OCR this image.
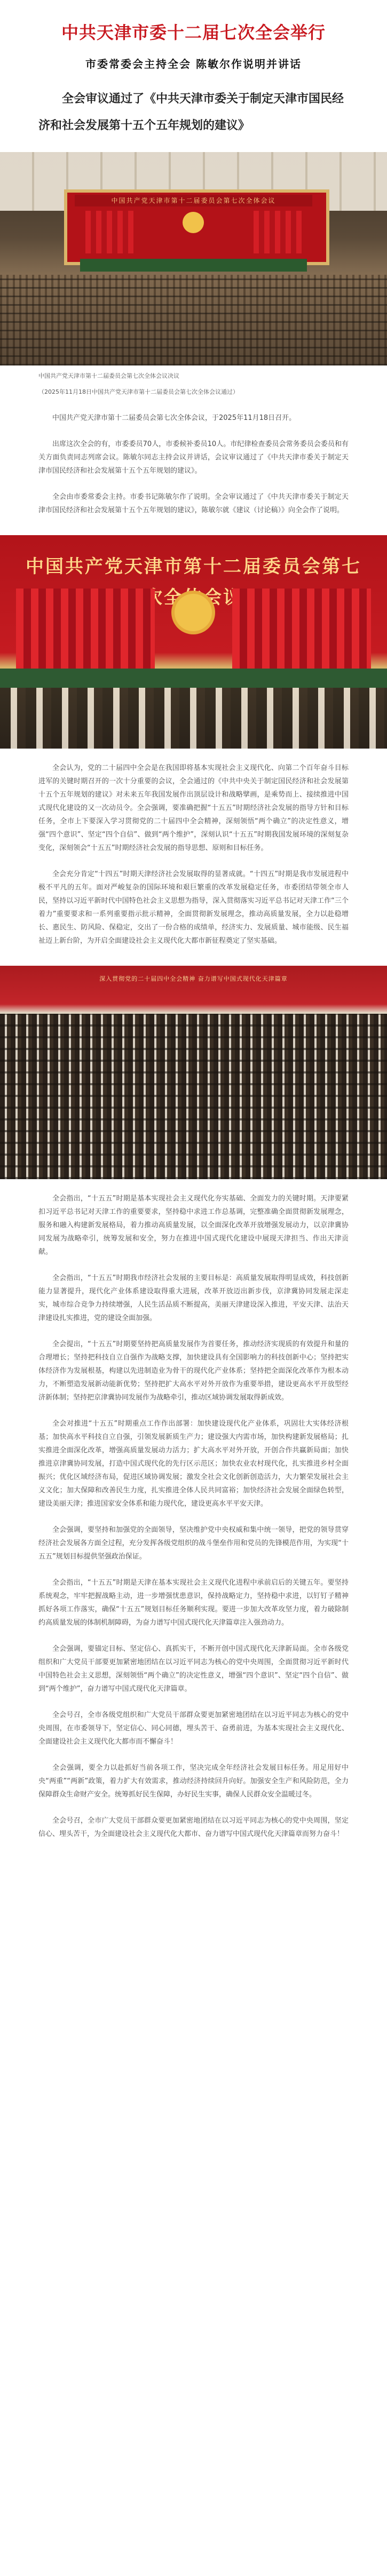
中共天津市委十二届七次全会举行

市委常委会主持全会 陈敏尔作说明并讲话

全会审议通过了《中共天津市委关于制定天津市国民经济和社会发展第十五个五年规划的建议》
中国共产党天津市第十二届委员会第七次全体会议
中国共产党天津市第十二届委员会第七次全体会议决议
（2025年11月18日中国共产党天津市第十二届委员会第七次全体会议通过）

中国共产党天津市第十二届委员会第七次全体会议，于2025年11月18日召开。

出席这次全会的有，市委委员70人，市委候补委员10人。市纪律检查委员会常务委员会委员和有关方面负责同志列席会议。陈敏尔同志主持会议并讲话，会议审议通过了《中共天津市委关于制定天津市国民经济和社会发展第十五个五年规划的建议》。

全会由市委常委会主持。市委书记陈敏尔作了说明。全会审议通过了《中共天津市委关于制定天津市国民经济和社会发展第十五个五年规划的建议》，陈敏尔就《建议（讨论稿）》向全会作了说明。

中国共产党天津市第十二届委员会第七次全体会议

全会认为，党的二十届四中全会是在我国即将基本实现社会主义现代化、向第二个百年奋斗目标进军的关键时期召开的一次十分重要的会议，全会通过的《中共中央关于制定国民经济和社会发展第十五个五年规划的建议》对未来五年我国发展作出顶层设计和战略擘画，是乘势而上、接续推进中国式现代化建设的又一次动员令。全会强调，要准确把握“十五五”时期经济社会发展的指导方针和目标任务，全市上下要深入学习贯彻党的二十届四中全会精神，深刻领悟“两个确立”的决定性意义，增强“四个意识”、坚定“四个自信”、做到“两个维护”，深刻认识“十五五”时期我国发展环境的深刻复杂变化，深刻领会“十五五”时期经济社会发展的指导思想、原则和目标任务。

全会充分肯定“十四五”时期天津经济社会发展取得的显著成就。“十四五”时期是我市发展进程中极不平凡的五年。面对严峻复杂的国际环境和艰巨繁重的改革发展稳定任务，市委团结带领全市人民，坚持以习近平新时代中国特色社会主义思想为指导，深入贯彻落实习近平总书记对天津工作“三个着力”重要要求和一系列重要指示批示精神，全面贯彻新发展理念，推动高质量发展，全力以赴稳增长、惠民生、防风险、保稳定，交出了一份合格的成绩单，经济实力、发展质量、城市能级、民生福祉迈上新台阶，为开启全面建设社会主义现代化大都市新征程奠定了坚实基础。

深入贯彻党的二十届四中全会精神 奋力谱写中国式现代化天津篇章

全会指出，“十五五”时期是基本实现社会主义现代化夯实基础、全面发力的关键时期。天津要紧扣习近平总书记对天津工作的重要要求，坚持稳中求进工作总基调，完整准确全面贯彻新发展理念，服务和融入构建新发展格局，着力推动高质量发展，以全面深化改革开放增强发展动力，以京津冀协同发展为战略牵引，统筹发展和安全，努力在推进中国式现代化建设中展现天津担当、作出天津贡献。

全会指出，“十五五”时期我市经济社会发展的主要目标是：高质量发展取得明显成效，科技创新能力显著提升，现代化产业体系建设取得重大进展，改革开放迈出新步伐，京津冀协同发展走深走实，城市综合竞争力持续增强，人民生活品质不断提高，美丽天津建设深入推进，平安天津、法治天津建设扎实推进，党的建设全面加强。

全会提出，“十五五”时期要坚持把高质量发展作为首要任务，推动经济实现质的有效提升和量的合理增长；坚持把科技自立自强作为战略支撑，加快建设具有全国影响力的科技创新中心；坚持把实体经济作为发展根基，构建以先进制造业为骨干的现代化产业体系；坚持把全面深化改革作为根本动力，不断塑造发展新动能新优势；坚持把扩大高水平对外开放作为重要举措，建设更高水平开放型经济新体制；坚持把京津冀协同发展作为战略牵引，推动区域协调发展取得新成效。

全会对推进“十五五”时期重点工作作出部署：加快建设现代化产业体系，巩固壮大实体经济根基；加快高水平科技自立自强，引领发展新质生产力；建设强大内需市场，加快构建新发展格局；扎实推进全面深化改革，增强高质量发展动力活力；扩大高水平对外开放，开创合作共赢新局面；加快推进京津冀协同发展，打造中国式现代化的先行区示范区；加快农业农村现代化，扎实推进乡村全面振兴；优化区域经济布局，促进区域协调发展；激发全社会文化创新创造活力，大力繁荣发展社会主义文化；加大保障和改善民生力度，扎实推进全体人民共同富裕；加快经济社会发展全面绿色转型，建设美丽天津；推进国家安全体系和能力现代化，建设更高水平平安天津。

全会强调，要坚持和加强党的全面领导，坚决维护党中央权威和集中统一领导，把党的领导贯穿经济社会发展各方面全过程，充分发挥各级党组织的战斗堡垒作用和党员的先锋模范作用，为实现“十五五”规划目标提供坚强政治保证。

全会指出，“十五五”时期是天津在基本实现社会主义现代化进程中承前启后的关键五年。要坚持系统观念，牢牢把握战略主动，进一步增强忧患意识，保持战略定力，坚持稳中求进，以钉钉子精神抓好各项工作落实，确保“十五五”规划目标任务顺利实现。要进一步加大改革攻坚力度，着力破除制约高质量发展的体制机制障碍，为奋力谱写中国式现代化天津篇章注入强劲动力。

全会强调，要锚定目标、坚定信心、真抓实干，不断开创中国式现代化天津新局面。全市各级党组织和广大党员干部要更加紧密地团结在以习近平同志为核心的党中央周围，全面贯彻习近平新时代中国特色社会主义思想，深刻领悟“两个确立”的决定性意义，增强“四个意识”、坚定“四个自信”、做到“两个维护”，奋力谱写中国式现代化天津篇章。

全会号召，全市各级党组织和广大党员干部群众要更加紧密地团结在以习近平同志为核心的党中央周围，在市委领导下，坚定信心、同心同德，埋头苦干、奋勇前进，为基本实现社会主义现代化、全面建设社会主义现代化大都市而不懈奋斗！

全会强调，要全力以赴抓好当前各项工作，坚决完成全年经济社会发展目标任务。用足用好中央“两重”“两新”政策，着力扩大有效需求，推动经济持续回升向好。加强安全生产和风险防范，全力保障群众生命财产安全。统筹抓好民生保障，办好民生实事，确保人民群众安全温暖过冬。

全会号召，全市广大党员干部群众要更加紧密地团结在以习近平同志为核心的党中央周围，坚定信心、埋头苦干，为全面建设社会主义现代化大都市、奋力谱写中国式现代化天津篇章而努力奋斗！
